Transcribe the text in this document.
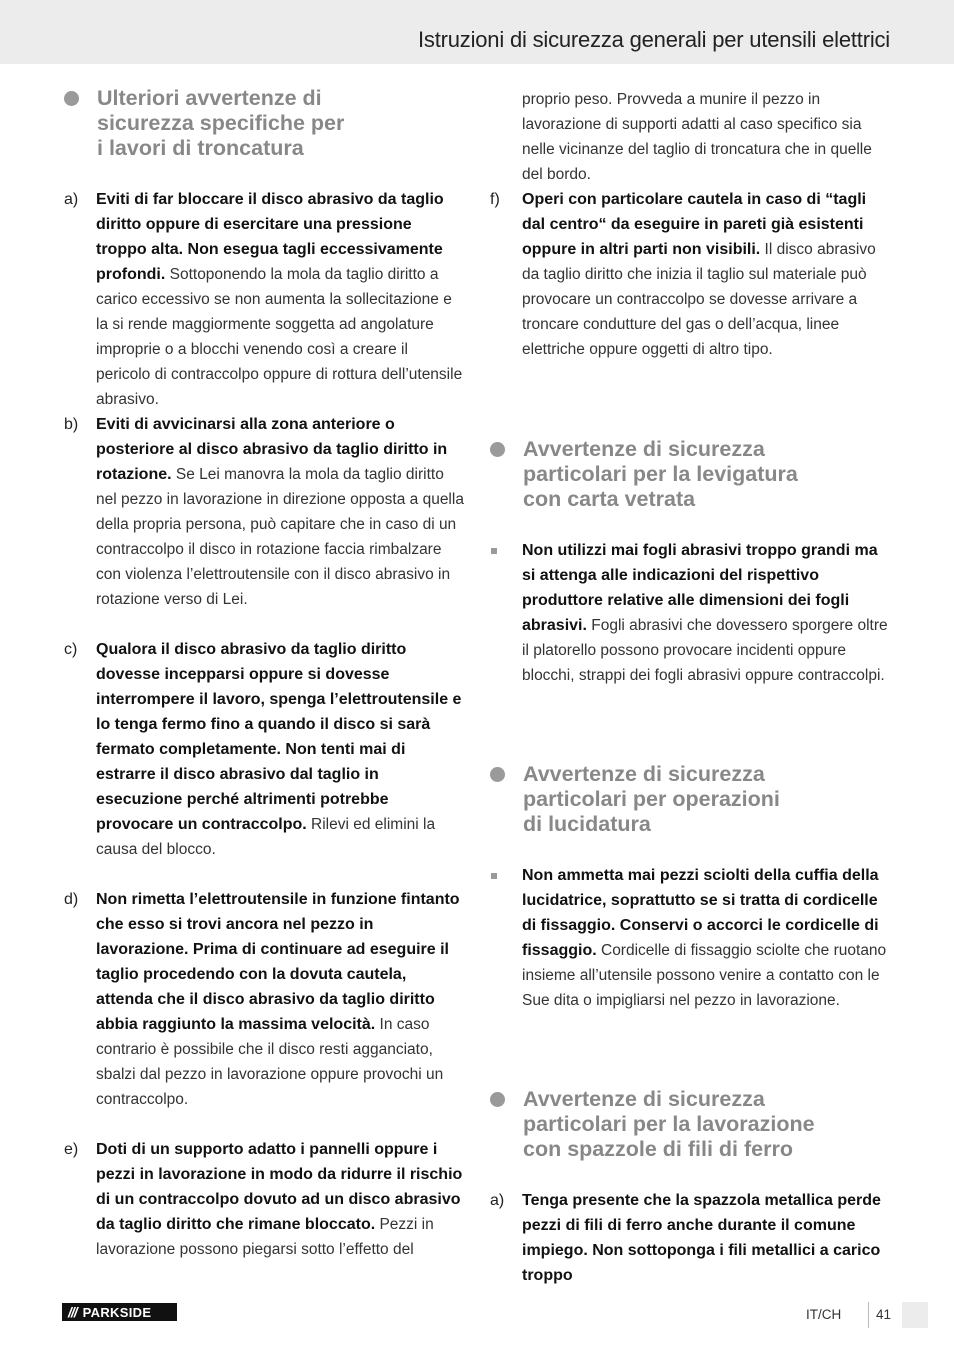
Istruzioni di sicurezza generali per utensili elettrici
Ulteriori avvertenze di
sicurezza specifiche per
i lavori di troncatura
a) Eviti di far bloccare il disco abrasivo da taglio diritto oppure di esercitare una pressione troppo alta. Non esegua tagli eccessivamente profondi. Sottoponendo la mola da taglio diritto a carico eccessivo se non aumenta la sollecitazione e la si rende maggiormente soggetta ad angolature improprie o a blocchi venendo così a creare il pericolo di contraccolpo oppure di rottura dell’utensile abrasivo.
b) Eviti di avvicinarsi alla zona anteriore o posteriore al disco abrasivo da taglio diritto in rotazione. Se Lei manovra la mola da taglio diritto nel pezzo in lavorazione in direzione opposta a quella della propria persona, può capitare che in caso di un contraccolpo il disco in rotazione faccia rimbalzare con violenza l’elettroutensile con il disco abrasivo in rotazione verso di Lei.
c) Qualora il disco abrasivo da taglio diritto dovesse incepparsi oppure si dovesse interrompere il lavoro, spenga l’elettroutensile e lo tenga fermo fino a quando il disco si sarà fermato completamente. Non tenti mai di estrarre il disco abrasivo dal taglio in esecuzione perché altrimenti potrebbe provocare un contraccolpo. Rilevi ed elimini la causa del blocco.
d) Non rimetta l’elettroutensile in funzione fintanto che esso si trovi ancora nel pezzo in lavorazione. Prima di continuare ad eseguire il taglio procedendo con la dovuta cautela, attenda che il disco abrasivo da taglio diritto abbia raggiunto la massima velocità. In caso contrario è possibile che il disco resti agganciato, sbalzi dal pezzo in lavorazione oppure provochi un contraccolpo.
e) Doti di un supporto adatto i pannelli oppure i pezzi in lavorazione in modo da ridurre il rischio di un contraccolpo dovuto ad un disco abrasivo da taglio diritto che rimane bloccato. Pezzi in lavorazione possono piegarsi sotto l’effetto del
proprio peso. Provveda a munire il pezzo in lavorazione di supporti adatti al caso specifico sia nelle vicinanze del taglio di troncatura che in quelle del bordo.
f) Operi con particolare cautela in caso di “tagli dal centro“ da eseguire in pareti già esistenti oppure in altri parti non visibili. Il disco abrasivo da taglio diritto che inizia il taglio sul materiale può provocare un contraccolpo se dovesse arrivare a troncare condutture del gas o dell’acqua, linee elettriche oppure oggetti di altro tipo.
Avvertenze di sicurezza
particolari per la levigatura
con carta vetrata
Non utilizzi mai fogli abrasivi troppo grandi ma si attenga alle indicazioni del rispettivo produttore relative alle dimensioni dei fogli abrasivi. Fogli abrasivi che dovessero sporgere oltre il platorello possono provocare incidenti oppure blocchi, strappi dei fogli abrasivi oppure contraccolpi.
Avvertenze di sicurezza
particolari per operazioni
di lucidatura
Non ammetta mai pezzi sciolti della cuffia della lucidatrice, soprattutto se si tratta di cordicelle di fissaggio. Conservi o accorci le cordicelle di fissaggio. Cordicelle di fissaggio sciolte che ruotano insieme all’utensile possono venire a contatto con le Sue dita o impigliarsi nel pezzo in lavorazione.
Avvertenze di sicurezza
particolari per la lavorazione
con spazzole di fili di ferro
a) Tenga presente che la spazzola metallica perde pezzi di fili di ferro anche durante il comune impiego. Non sottoponga i fili metallici a carico troppo
/// PARKSIDE	IT/CH	41
